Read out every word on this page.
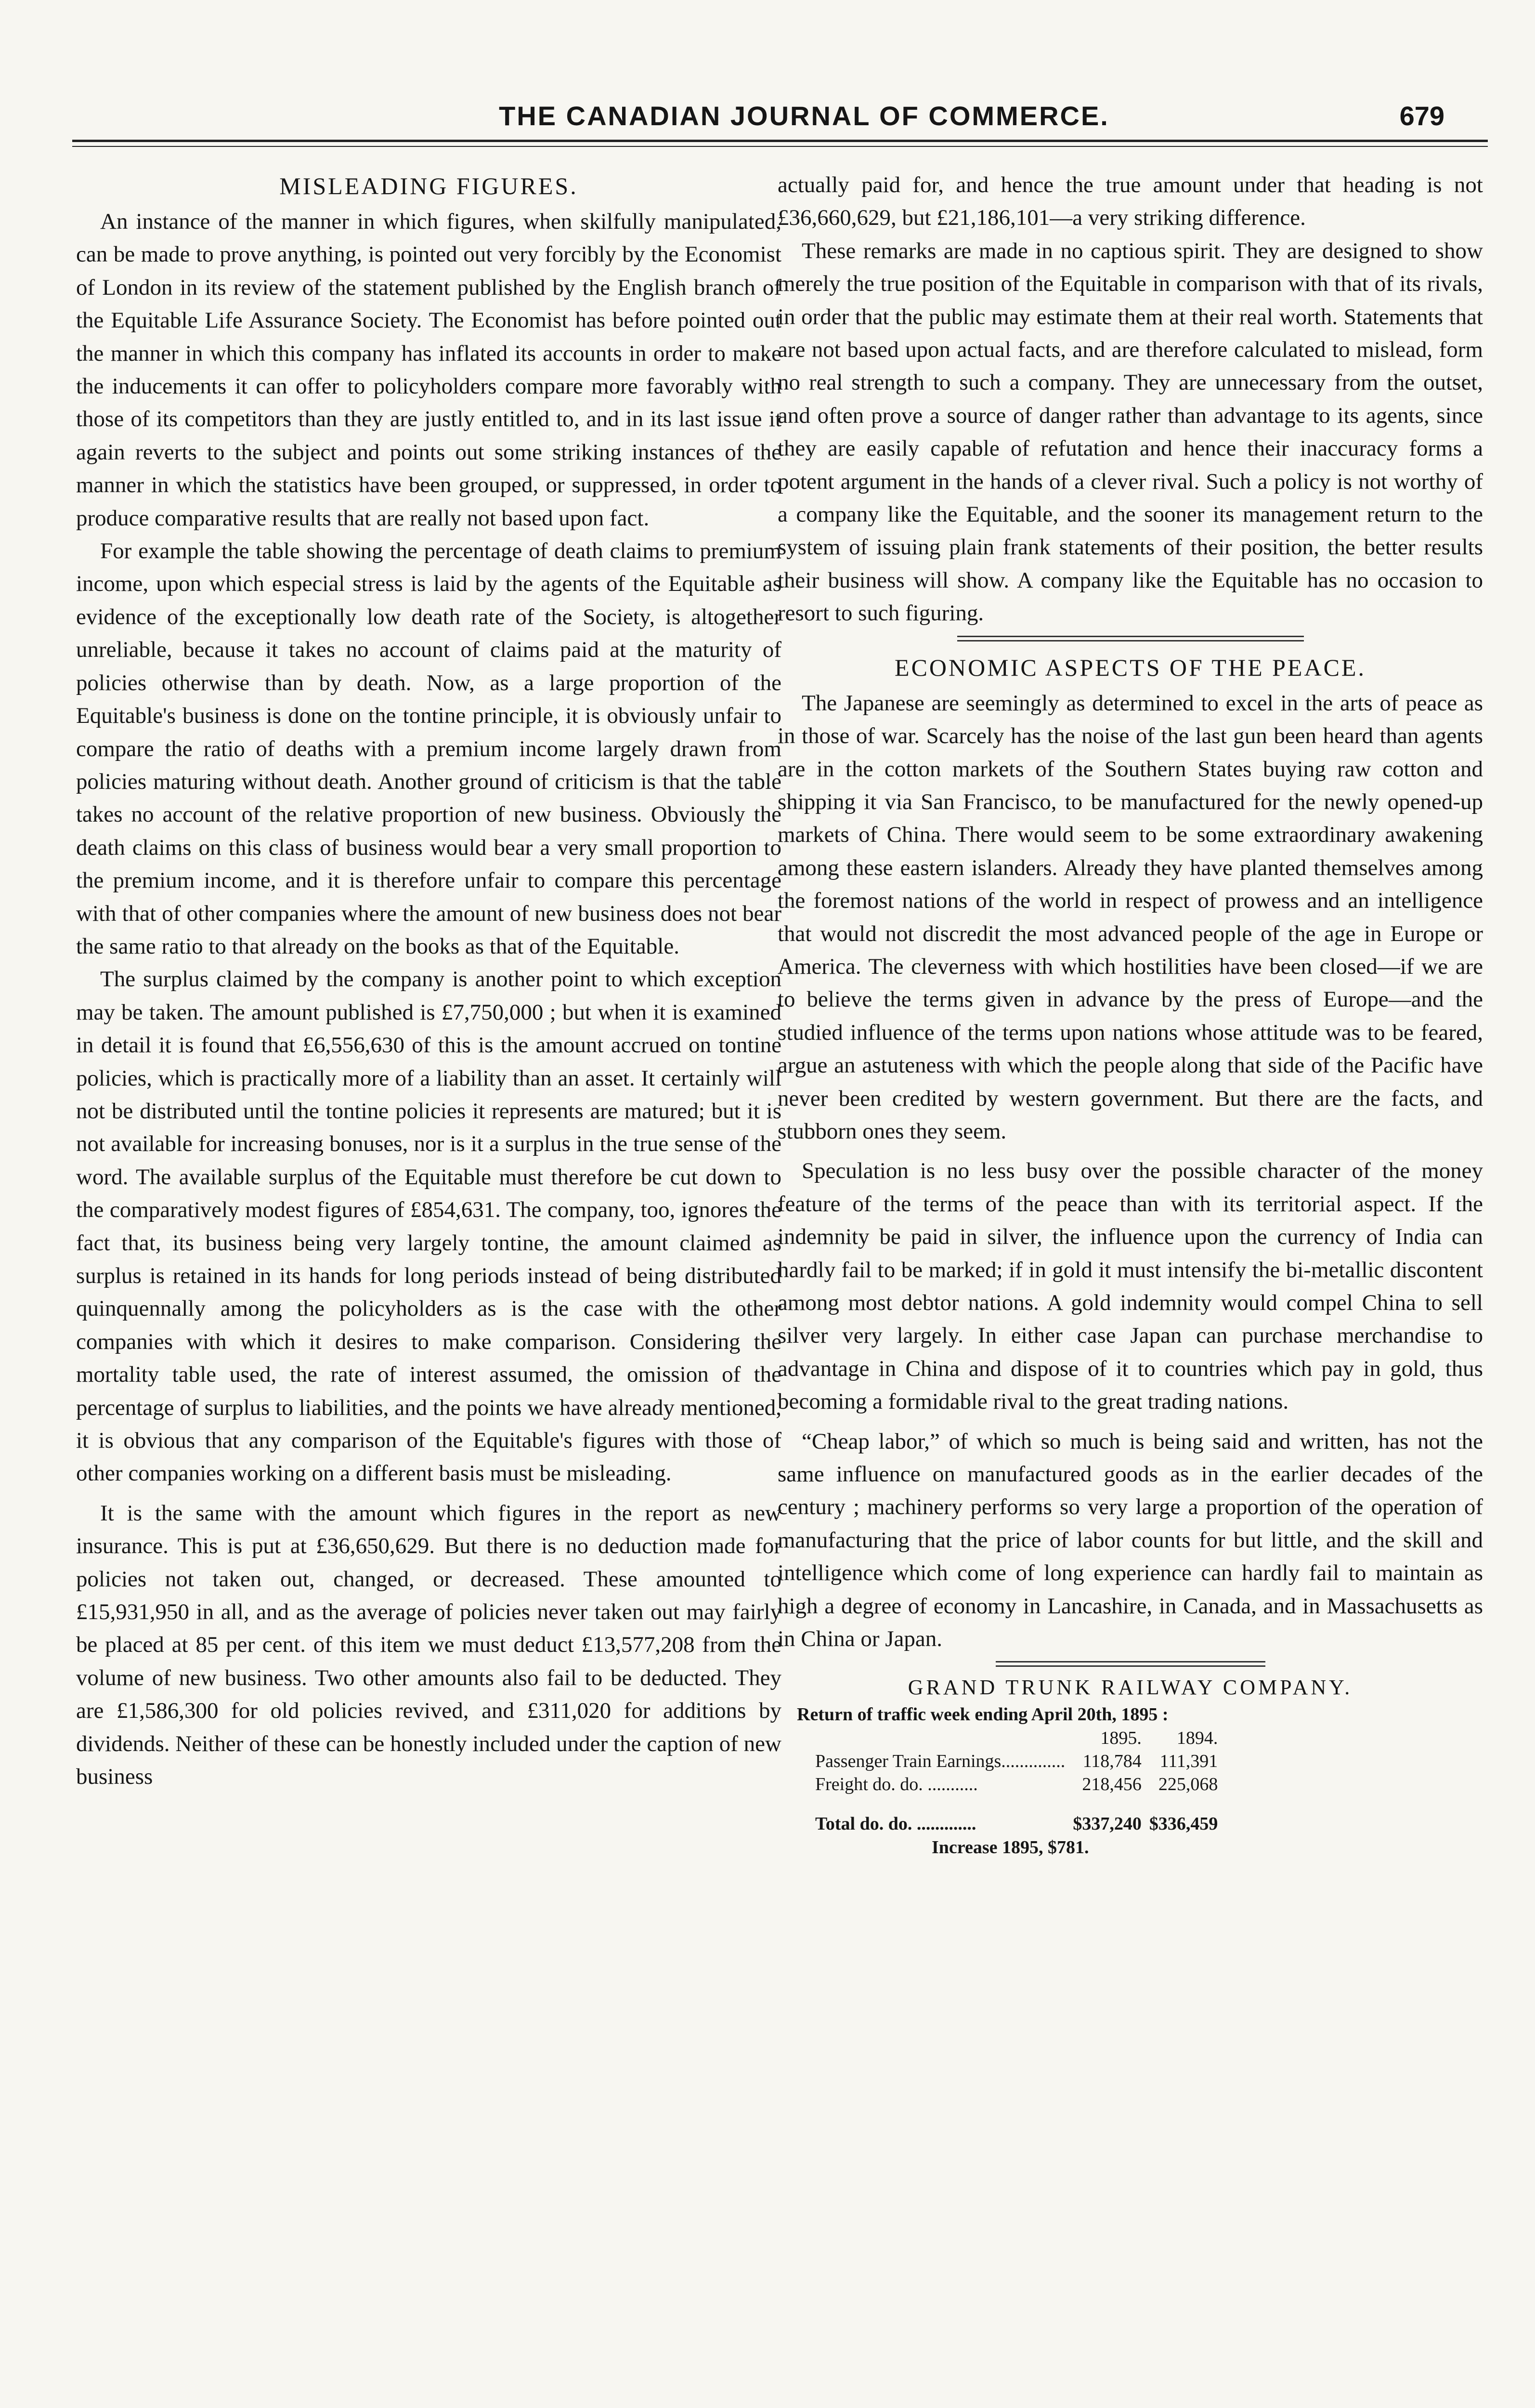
THE CANADIAN JOURNAL OF COMMERCE.	679
MISLEADING FIGURES.

An instance of the manner in which figures, when skilfully manipulated, can be made to prove anything, is pointed out very forcibly by the Economist of London in its review of the statement published by the English branch of the Equitable Life Assurance Society. The Economist has before pointed out the manner in which this company has inflated its accounts in order to make the inducements it can offer to policyholders compare more favorably with those of its competitors than they are justly entitled to, and in its last issue it again reverts to the subject and points out some striking instances of the manner in which the statistics have been grouped, or suppressed, in order to produce comparative results that are really not based upon fact.

For example the table showing the percentage of death claims to premium income, upon which especial stress is laid by the agents of the Equitable as evidence of the exceptionally low death rate of the Society, is altogether unreliable, because it takes no account of claims paid at the maturity of policies otherwise than by death. Now, as a large proportion of the Equitable's business is done on the tontine principle, it is obviously unfair to compare the ratio of deaths with a premium income largely drawn from policies maturing without death. Another ground of criticism is that the table takes no account of the relative proportion of new business. Obviously the death claims on this class of business would bear a very small proportion to the premium income, and it is therefore unfair to compare this percentage with that of other companies where the amount of new business does not bear the same ratio to that already on the books as that of the Equitable.

The surplus claimed by the company is another point to which exception may be taken. The amount published is £7,750,000 ; but when it is examined in detail it is found that £6,556,630 of this is the amount accrued on tontine policies, which is practically more of a liability than an asset. It certainly will not be distributed until the tontine policies it represents are matured; but it is not available for increasing bonuses, nor is it a surplus in the true sense of the word. The available surplus of the Equitable must therefore be cut down to the comparatively modest figures of £854,631. The company, too, ignores the fact that, its business being very largely tontine, the amount claimed as surplus is retained in its hands for long periods instead of being distributed quinquennally among the policyholders as is the case with the other companies with which it desires to make comparison. Considering the mortality table used, the rate of interest assumed, the omission of the percentage of surplus to liabilities, and the points we have already mentioned, it is obvious that any comparison of the Equitable's figures with those of other companies working on a different basis must be misleading.

It is the same with the amount which figures in the report as new insurance. This is put at £36,650,629. But there is no deduction made for policies not taken out, changed, or decreased. These amounted to £15,931,950 in all, and as the average of policies never taken out may fairly be placed at 85 per cent. of this item we must deduct £13,577,208 from the volume of new business. Two other amounts also fail to be deducted. They are £1,586,300 for old policies revived, and £311,020 for additions by dividends. Neither of these can be honestly included under the caption of new business

actually paid for, and hence the true amount under that heading is not £36,660,629, but £21,186,101—a very striking difference.

These remarks are made in no captious spirit. They are designed to show merely the true position of the Equitable in comparison with that of its rivals, in order that the public may estimate them at their real worth. Statements that are not based upon actual facts, and are therefore calculated to mislead, form no real strength to such a company. They are unnecessary from the outset, and often prove a source of danger rather than advantage to its agents, since they are easily capable of refutation and hence their inaccuracy forms a potent argument in the hands of a clever rival. Such a policy is not worthy of a company like the Equitable, and the sooner its management return to the system of issuing plain frank statements of their position, the better results their business will show. A company like the Equitable has no occasion to resort to such figuring.

ECONOMIC ASPECTS OF THE PEACE.

The Japanese are seemingly as determined to excel in the arts of peace as in those of war. Scarcely has the noise of the last gun been heard than agents are in the cotton markets of the Southern States buying raw cotton and shipping it via San Francisco, to be manufactured for the newly opened-up markets of China. There would seem to be some extraordinary awakening among these eastern islanders. Already they have planted themselves among the foremost nations of the world in respect of prowess and an intelligence that would not discredit the most advanced people of the age in Europe or America. The cleverness with which hostilities have been closed—if we are to believe the terms given in advance by the press of Europe—and the studied influence of the terms upon nations whose attitude was to be feared, argue an astuteness with which the people along that side of the Pacific have never been credited by western government. But there are the facts, and stubborn ones they seem.

Speculation is no less busy over the possible character of the money feature of the terms of the peace than with its territorial aspect. If the indemnity be paid in silver, the influence upon the currency of India can hardly fail to be marked; if in gold it must intensify the bi-metallic discontent among most debtor nations. A gold indemnity would compel China to sell silver very largely. In either case Japan can purchase merchandise to advantage in China and dispose of it to countries which pay in gold, thus becoming a formidable rival to the great trading nations.

“Cheap labor,” of which so much is being said and written, has not the same influence on manufactured goods as in the earlier decades of the century ; machinery performs so very large a proportion of the operation of manufacturing that the price of labor counts for but little, and the skill and intelligence which come of long experience can hardly fail to maintain as high a degree of economy in Lancashire, in Canada, and in Massachusetts as in China or Japan.

GRAND TRUNK RAILWAY COMPANY.
Return of traffic week ending April 20th, 1895 :
	1895.	1894.
Passenger Train Earnings..............	118,784	111,391
Freight do. do. ...........	218,456	225,068

Total do. do. .............	$337,240	$336,459
Increase 1895, $781.
